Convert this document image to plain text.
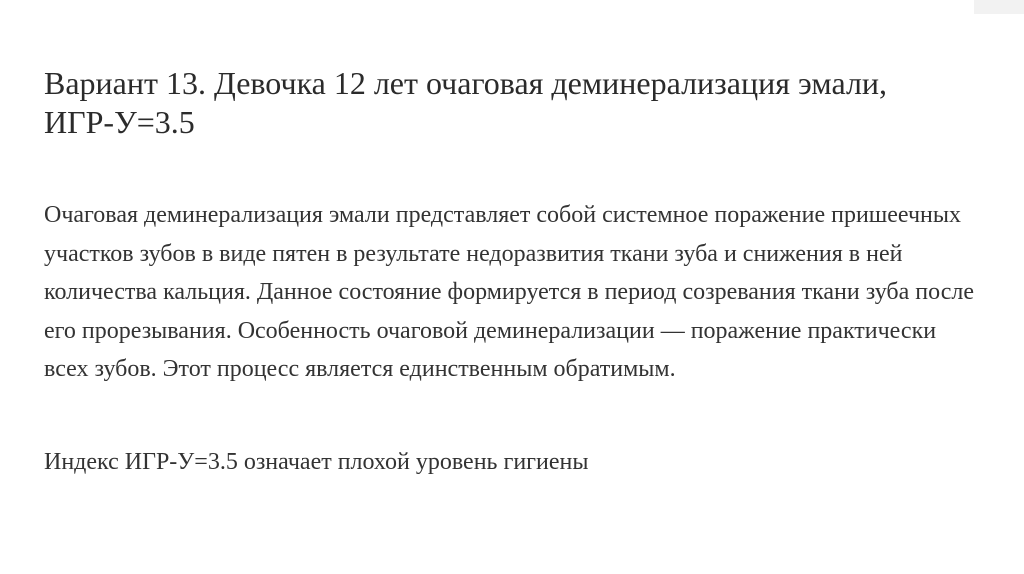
Вариант 13. Девочка 12 лет очаговая деминерализация эмали, ИГР-У=3.5

Очаговая деминерализация эмали представляет собой системное поражение пришеечных участков зубов в виде пятен в результате недоразвития ткани зуба и снижения в ней количества кальция. Данное состояние формируется в период созревания ткани зуба после его прорезывания. Особенность очаговой деминерализации — поражение практически всех зубов. Этот процесс является единственным обратимым.

Индекс ИГР-У=3.5 означает плохой уровень гигиены
